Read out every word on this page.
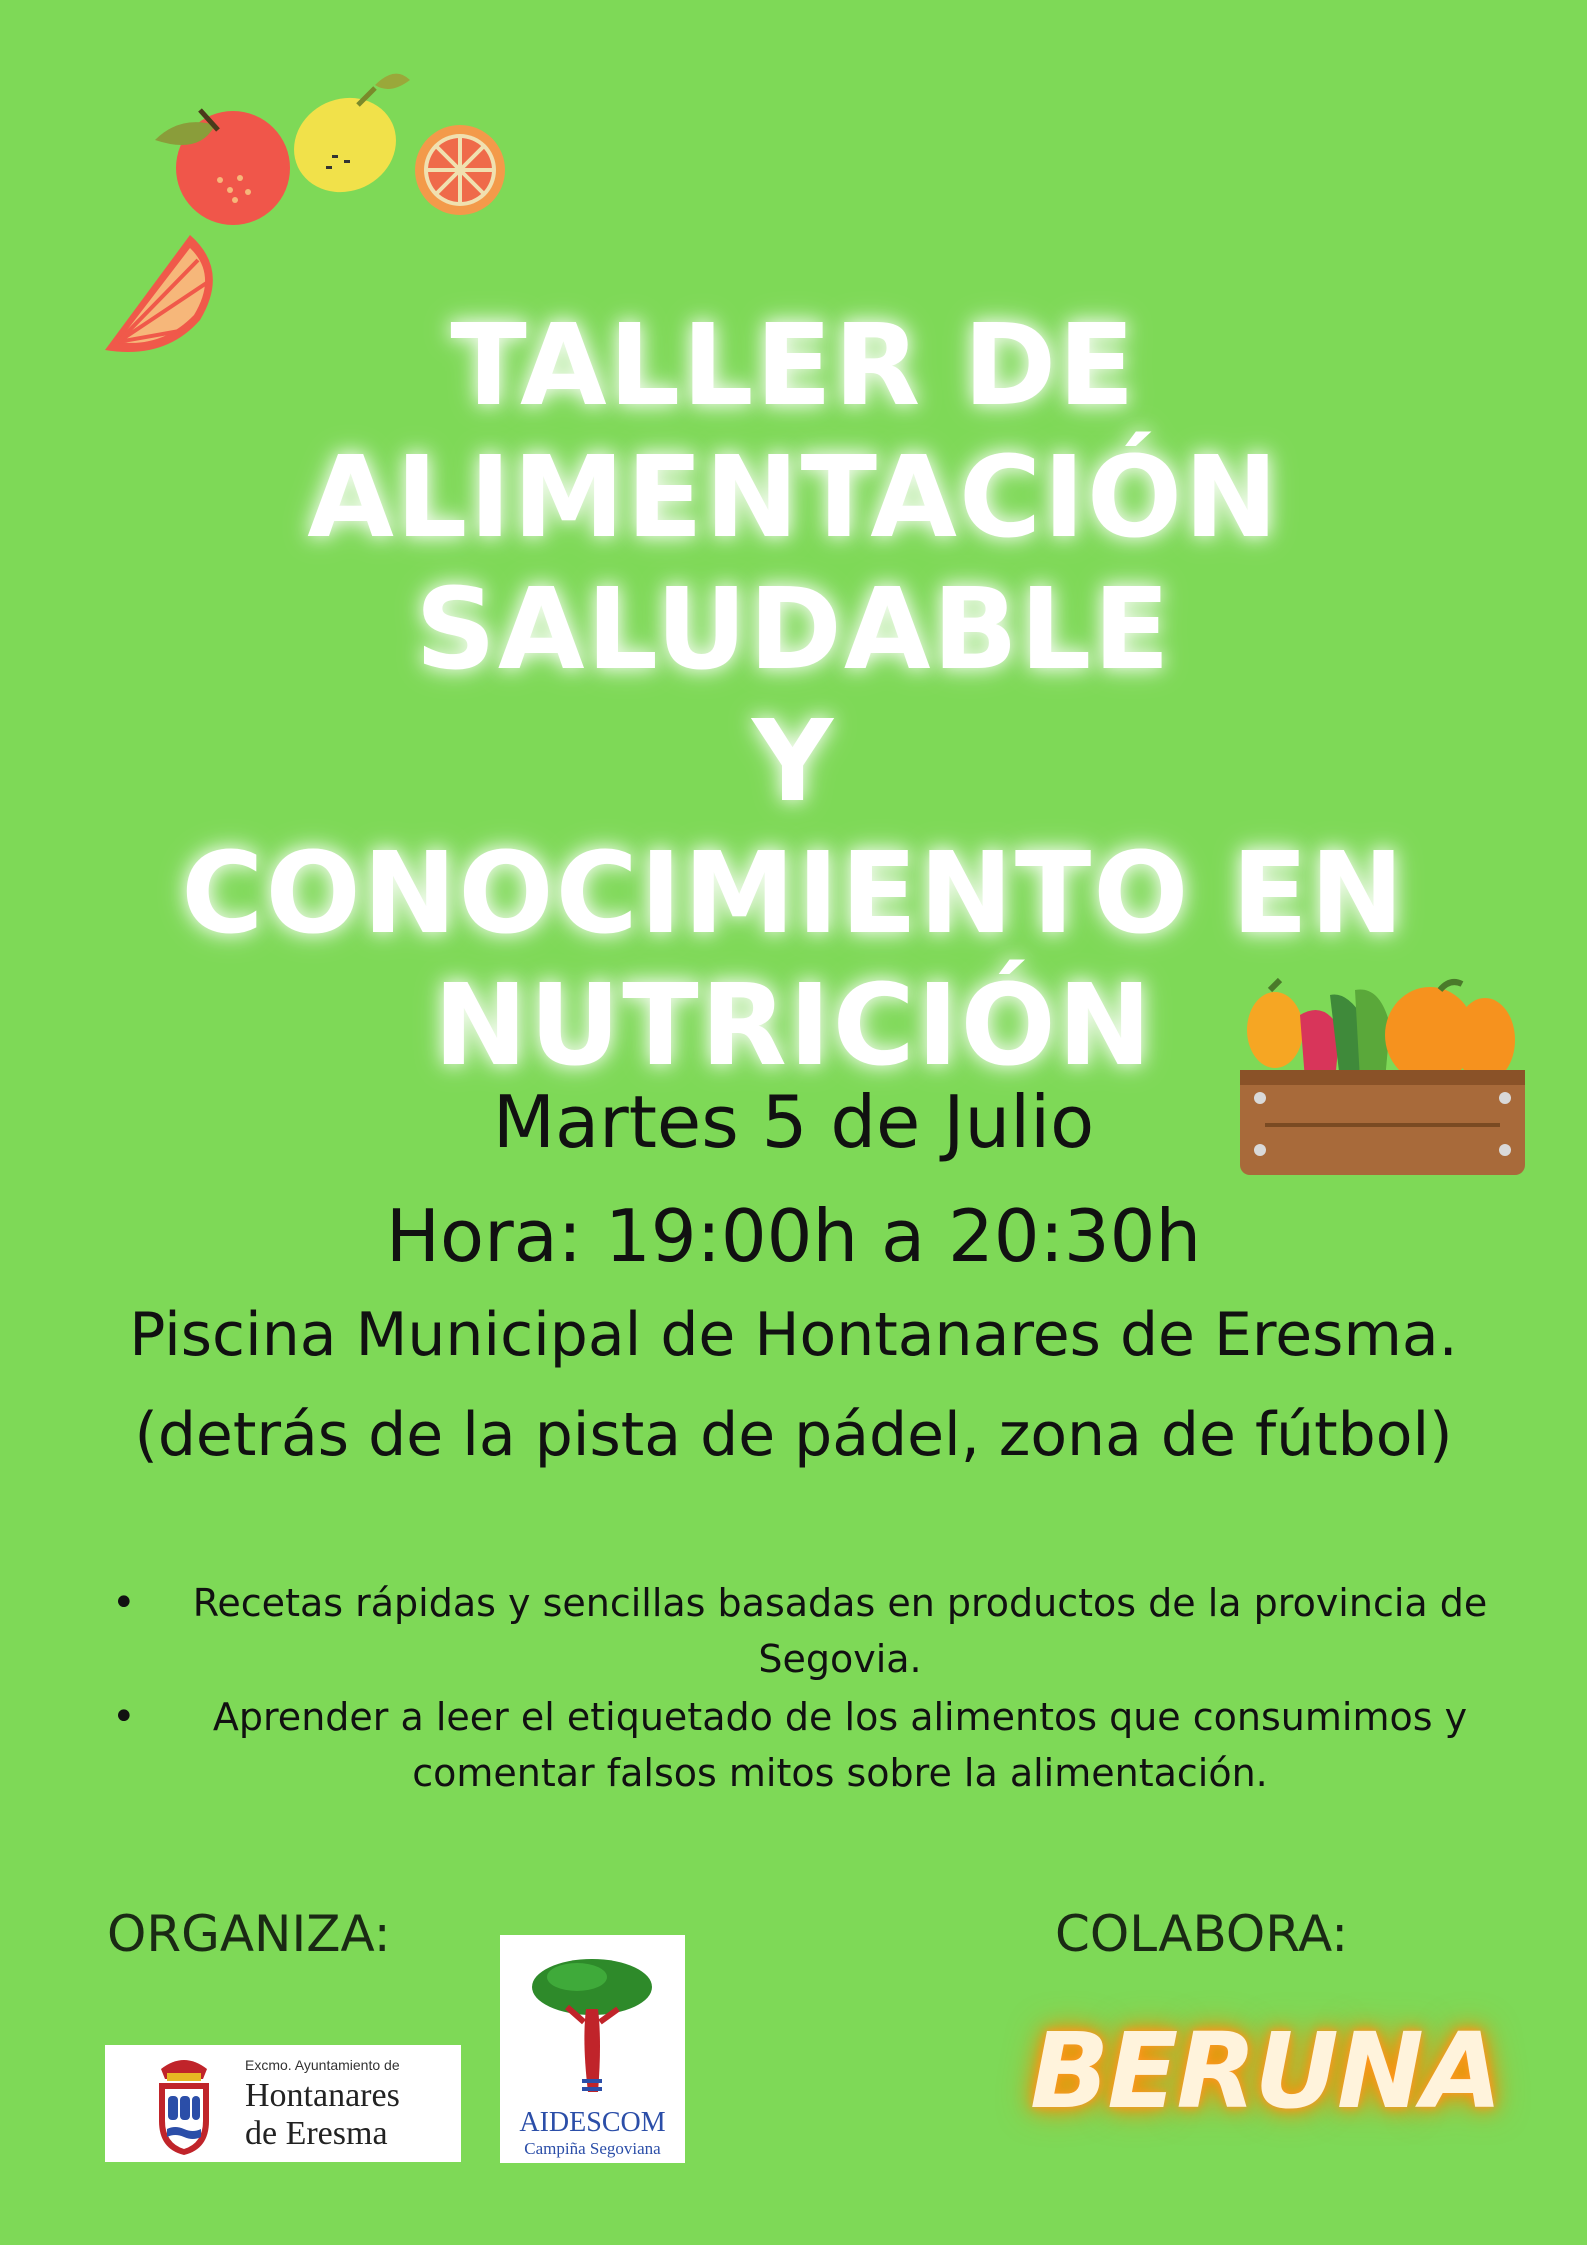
TALLER DE
ALIMENTACIÓN
SALUDABLE
Y
CONOCIMIENTO EN
NUTRICIÓN
Martes 5 de Julio
Hora: 19:00h a 20:30h
Piscina Municipal de Hontanares de Eresma.
(detrás de la pista de pádel, zona de fútbol)
• Recetas rápidas y sencillas basadas en productos de la provincia de Segovia.
• Aprender a leer el etiquetado de los alimentos que consumimos y comentar falsos mitos sobre la alimentación.
ORGANIZA:	COLABORA:
Excmo. Ayuntamiento de
Hontanares
de Eresma	AIDESCOM
Campiña Segoviana
BERUNA
